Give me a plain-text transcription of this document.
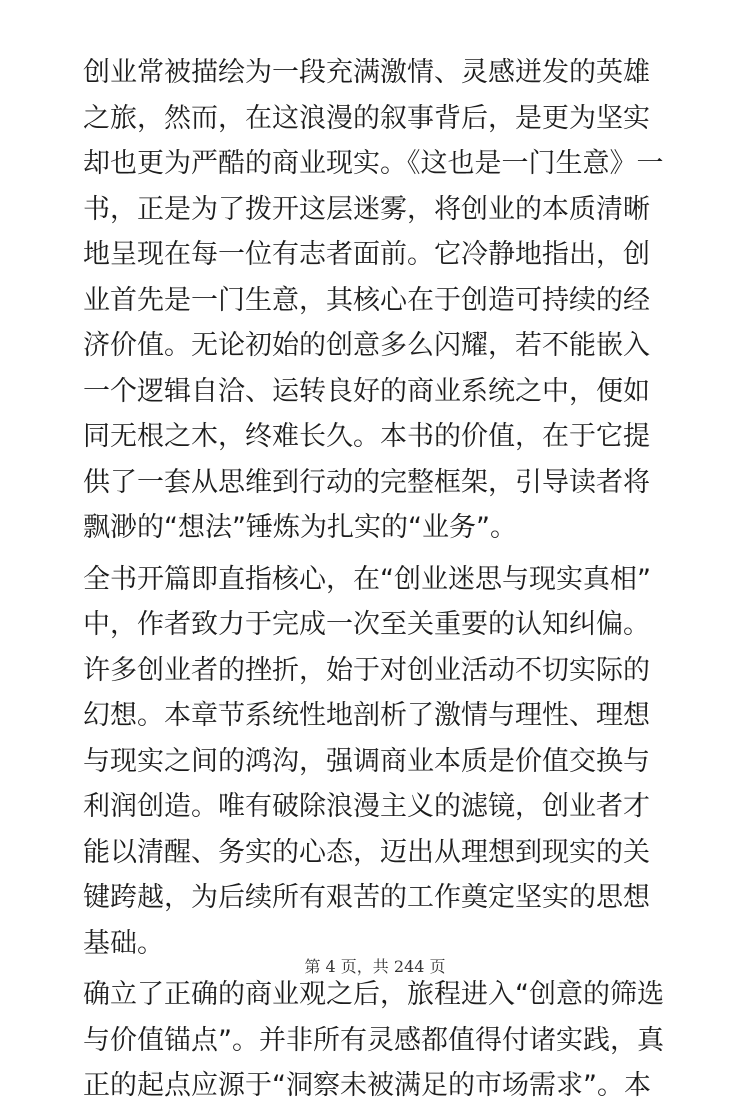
创业常被描绘为一段充满激情、灵感迸发的英雄之旅，然而，在这浪漫的叙事背后，是更为坚实却也更为严酷的商业现实。《这也是一门生意》一书，正是为了拨开这层迷雾，将创业的本质清晰地呈现在每一位有志者面前。它冷静地指出，创业首先是一门生意，其核心在于创造可持续的经济价值。无论初始的创意多么闪耀，若不能嵌入一个逻辑自洽、运转良好的商业系统之中，便如同无根之木，终难长久。本书的价值，在于它提供了一套从思维到行动的完整框架，引导读者将飘渺的“想法”锤炼为扎实的“业务”。

全书开篇即直指核心，在“创业迷思与现实真相”中，作者致力于完成一次至关重要的认知纠偏。许多创业者的挫折，始于对创业活动不切实际的幻想。本章节系统性地剖析了激情与理性、理想与现实之间的鸿沟，强调商业本质是价值交换与利润创造。唯有破除浪漫主义的滤镜，创业者才能以清醒、务实的心态，迈出从理想到现实的关键跨越，为后续所有艰苦的工作奠定坚实的思想基础。

确立了正确的商业观之后，旅程进入“创意的筛选与价值锚点”。并非所有灵感都值得付诸实践，真正的起点应源于“洞察未被满足的市场需求”。本

第 4 页，共 244 页
